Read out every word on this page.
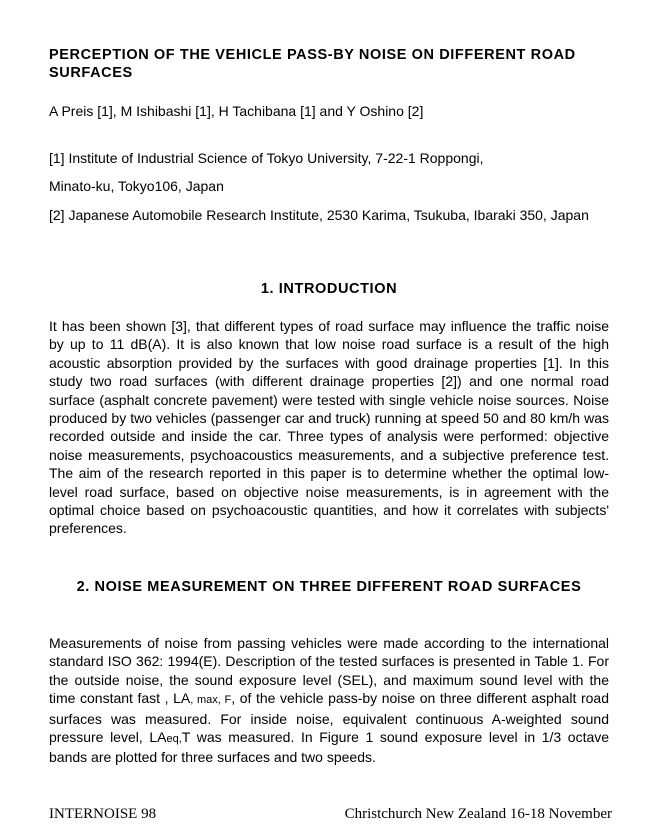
PERCEPTION OF THE VEHICLE PASS-BY NOISE ON DIFFERENT ROAD SURFACES
A Preis [1], M Ishibashi [1], H Tachibana [1] and Y Oshino [2]
[1] Institute of Industrial Science of Tokyo University, 7-22-1 Roppongi,
Minato-ku, Tokyo106, Japan
[2] Japanese Automobile Research Institute, 2530 Karima, Tsukuba, Ibaraki 350, Japan
1. INTRODUCTION
It has been shown [3], that different types of road surface may influence the traffic noise by up to 11 dB(A). It is also known that low noise road surface is a result of the high acoustic absorption provided by the surfaces with good drainage properties [1]. In this study two road surfaces (with different drainage properties [2]) and one normal road surface (asphalt concrete pavement) were tested with single vehicle noise sources. Noise produced by two vehicles (passenger car and truck) running at speed 50 and 80 km/h was recorded outside and inside the car. Three types of analysis were performed: objective noise measurements, psychoacoustics measurements, and a subjective preference test. The aim of the research reported in this paper is to determine whether the optimal low-level road surface, based on objective noise measurements, is in agreement with the optimal choice based on psychoacoustic quantities, and how it correlates with subjects' preferences.
2. NOISE MEASUREMENT ON THREE DIFFERENT ROAD SURFACES
Measurements of noise from passing vehicles were made according to the international standard ISO 362: 1994(E). Description of the tested surfaces is presented in Table 1. For the outside noise, the sound exposure level (SEL), and maximum sound level with the time constant fast , LA, max, F, of the vehicle pass-by noise on three different asphalt road surfaces was measured. For inside noise, equivalent continuous A-weighted sound pressure level, LAeq,T was measured. In Figure 1 sound exposure level in 1/3 octave bands are plotted for three surfaces and two speeds.
INTERNOISE 98	Christchurch New Zealand 16-18 November
